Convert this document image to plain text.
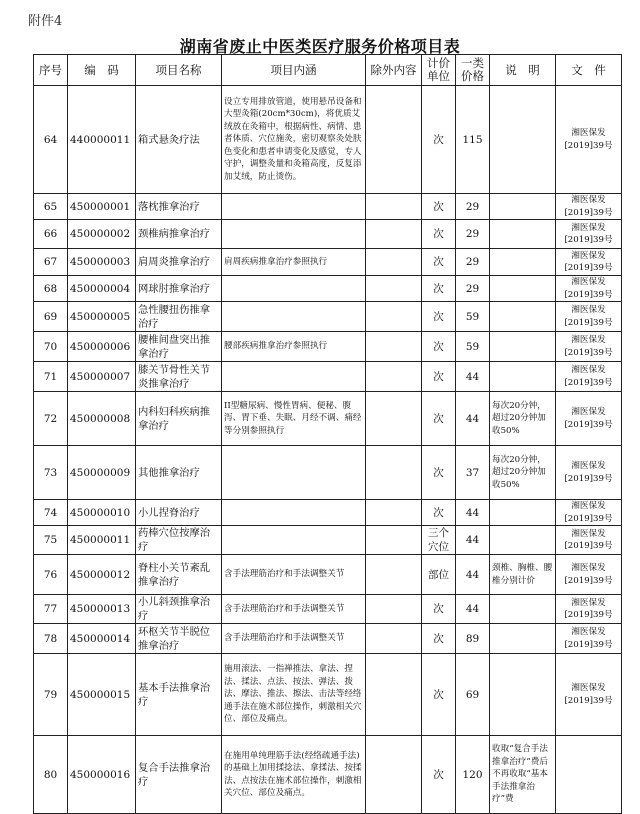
附件4
湖南省废止中医类医疗服务价格项目表
序号	编　码	项目名称	项目内涵	除外内容	计价单位	一类价格	说　明	文　件
64	440000011	箱式悬灸疗法	设立专用排放管道，使用悬吊设备和大型灸箱(20cm*30cm)，将优质艾绒放在灸箱中，根据病性、病情、患者体质、穴位施灸，密切观察灸处肤色变化和患者申请变化及感觉，专人守护，调整灸量和灸箱高度，反复添加艾绒，防止烫伤。		次	115		湘医保发[2019]39号
65	450000001	落枕推拿治疗			次	29		湘医保发[2019]39号
66	450000002	颈椎病推拿治疗			次	29		湘医保发[2019]39号
67	450000003	肩周炎推拿治疗	肩周疾病推拿治疗参照执行		次	29		湘医保发[2019]39号
68	450000004	网球肘推拿治疗			次	29		湘医保发[2019]39号
69	450000005	急性腰扭伤推拿治疗			次	59		湘医保发[2019]39号
70	450000006	腰椎间盘突出推拿治疗	腰部疾病推拿治疗参照执行		次	59		湘医保发[2019]39号
71	450000007	膝关节骨性关节炎推拿治疗			次	44		湘医保发[2019]39号
72	450000008	内科妇科疾病推拿治疗	II型糖尿病、慢性胃病、便秘、腹泻、胃下垂、失眠、月经不调、痛经等分别参照执行		次	44	每次20分钟，超过20分钟加收50%	湘医保发[2019]39号
73	450000009	其他推拿治疗			次	37	每次20分钟，超过20分钟加收50%	湘医保发[2019]39号
74	450000010	小儿捏脊治疗			次	44		湘医保发[2019]39号
75	450000011	药棒穴位按摩治疗			三个穴位	44		湘医保发[2019]39号
76	450000012	脊柱小关节紊乱推拿治疗	含手法理筋治疗和手法调整关节		部位	44	颈椎、胸椎、腰椎分别计价	湘医保发[2019]39号
77	450000013	小儿斜颈推拿治疗	含手法理筋治疗和手法调整关节		次	44		湘医保发[2019]39号
78	450000014	环枢关节半脱位推拿治疗	含手法理筋治疗和手法调整关节		次	89		湘医保发[2019]39号
79	450000015	基本手法推拿治疗	施用滚法、一指禅推法、拿法、捏法、揉法、点法、按法、弹法、拨法、摩法、推法、擦法、击法等经络通手法在施术部位操作，刺激相关穴位、部位及痛点。		次	69		湘医保发[2019]39号
80	450000016	复合手法推拿治疗	在施用单纯理筋手法(经络疏通手法)的基础上加用揉捻法、拿揉法、按揉法、点按法在施术部位操作，刺激相关穴位、部位及痛点。		次	120	收取“复合手法推拿治疗”费后不再收取“基本手法推拿治疗”费	
